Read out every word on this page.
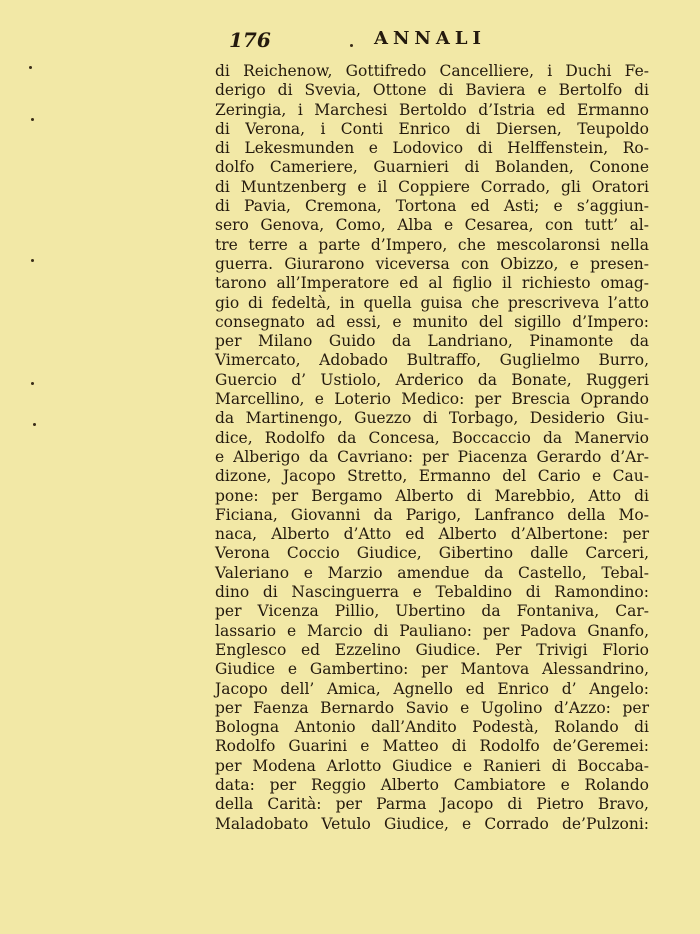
176	ANNALI
di Reichenow, Gottifredo Cancelliere, i Duchi Fe-
derigo di Svevia, Ottone di Baviera e Bertolfo di
Zeringia, i Marchesi Bertoldo d’Istria ed Ermanno
di Verona, i Conti Enrico di Diersen, Teupoldo
di Lekesmunden e Lodovico di Helffenstein, Ro-
dolfo Cameriere, Guarnieri di Bolanden, Conone
di Muntzenberg e il Coppiere Corrado, gli Oratori
di Pavia, Cremona, Tortona ed Asti; e s’aggiun-
sero Genova, Como, Alba e Cesarea, con tutt’ al-
tre terre a parte d’Impero, che mescolaronsi nella
guerra. Giurarono viceversa con Obizzo, e presen-
tarono all’Imperatore ed al figlio il richiesto omag-
gio di fedeltà, in quella guisa che prescriveva l’atto
consegnato ad essi, e munito del sigillo d’Impero:
per Milano Guido da Landriano, Pinamonte da
Vimercato, Adobado Bultraffo, Guglielmo Burro,
Guercio d’ Ustiolo, Arderico da Bonate, Ruggeri
Marcellino, e Loterio Medico: per Brescia Oprando
da Martinengo, Guezzo di Torbago, Desiderio Giu-
dice, Rodolfo da Concesa, Boccaccio da Manervio
e Alberigo da Cavriano: per Piacenza Gerardo d’Ar-
dizone, Jacopo Stretto, Ermanno del Cario e Cau-
pone: per Bergamo Alberto di Marebbio, Atto di
Ficiana, Giovanni da Parigo, Lanfranco della Mo-
naca, Alberto d’Atto ed Alberto d’Albertone: per
Verona Coccio Giudice, Gibertino dalle Carceri,
Valeriano e Marzio amendue da Castello, Tebal-
dino di Nascinguerra e Tebaldino di Ramondino:
per Vicenza Pillio, Ubertino da Fontaniva, Car-
lassario e Marcio di Pauliano: per Padova Gnanfo,
Englesco ed Ezzelino Giudice. Per Trivigi Florio
Giudice e Gambertino: per Mantova Alessandrino,
Jacopo dell’ Amica, Agnello ed Enrico d’ Angelo:
per Faenza Bernardo Savio e Ugolino d’Azzo: per
Bologna Antonio dall’Andito Podestà, Rolando di
Rodolfo Guarini e Matteo di Rodolfo de’Geremei:
per Modena Arlotto Giudice e Ranieri di Boccaba-
data: per Reggio Alberto Cambiatore e Rolando
della Carità: per Parma Jacopo di Pietro Bravo,
Maladobato Vetulo Giudice, e Corrado de’Pulzoni:
